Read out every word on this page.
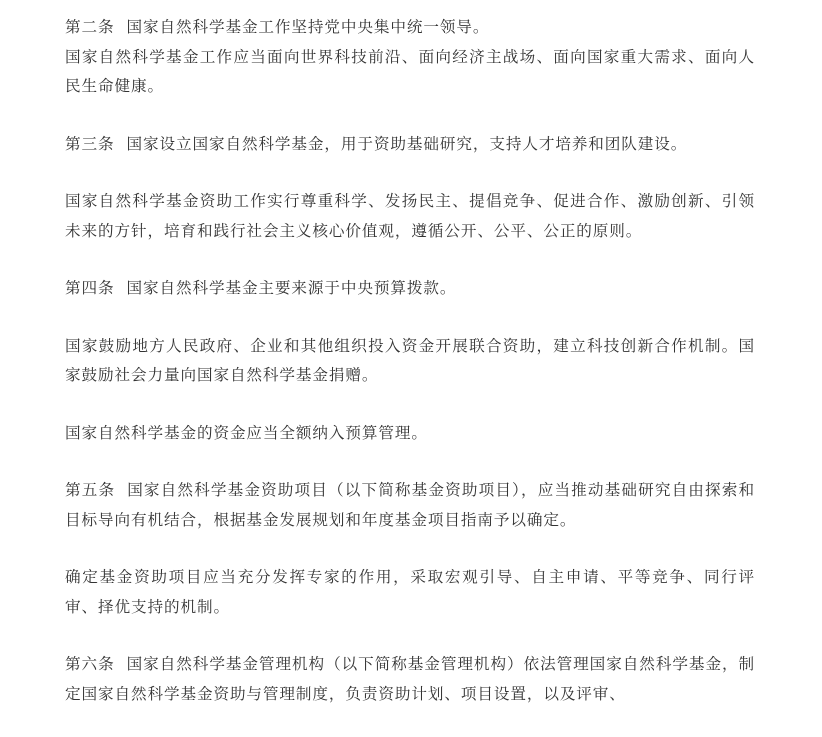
第二条 国家自然科学基金工作坚持党中央集中统一领导。

国家自然科学基金工作应当面向世界科技前沿、面向经济主战场、面向国家重大需求、面向人民生命健康。

第三条 国家设立国家自然科学基金，用于资助基础研究，支持人才培养和团队建设。

国家自然科学基金资助工作实行尊重科学、发扬民主、提倡竞争、促进合作、激励创新、引领未来的方针，培育和践行社会主义核心价值观，遵循公开、公平、公正的原则。

第四条 国家自然科学基金主要来源于中央预算拨款。

国家鼓励地方人民政府、企业和其他组织投入资金开展联合资助，建立科技创新合作机制。国家鼓励社会力量向国家自然科学基金捐赠。

国家自然科学基金的资金应当全额纳入预算管理。

第五条 国家自然科学基金资助项目（以下简称基金资助项目），应当推动基础研究自由探索和目标导向有机结合，根据基金发展规划和年度基金项目指南予以确定。

确定基金资助项目应当充分发挥专家的作用，采取宏观引导、自主申请、平等竞争、同行评审、择优支持的机制。

第六条 国家自然科学基金管理机构（以下简称基金管理机构）依法管理国家自然科学基金，制定国家自然科学基金资助与管理制度，负责资助计划、项目设置，以及评审、
